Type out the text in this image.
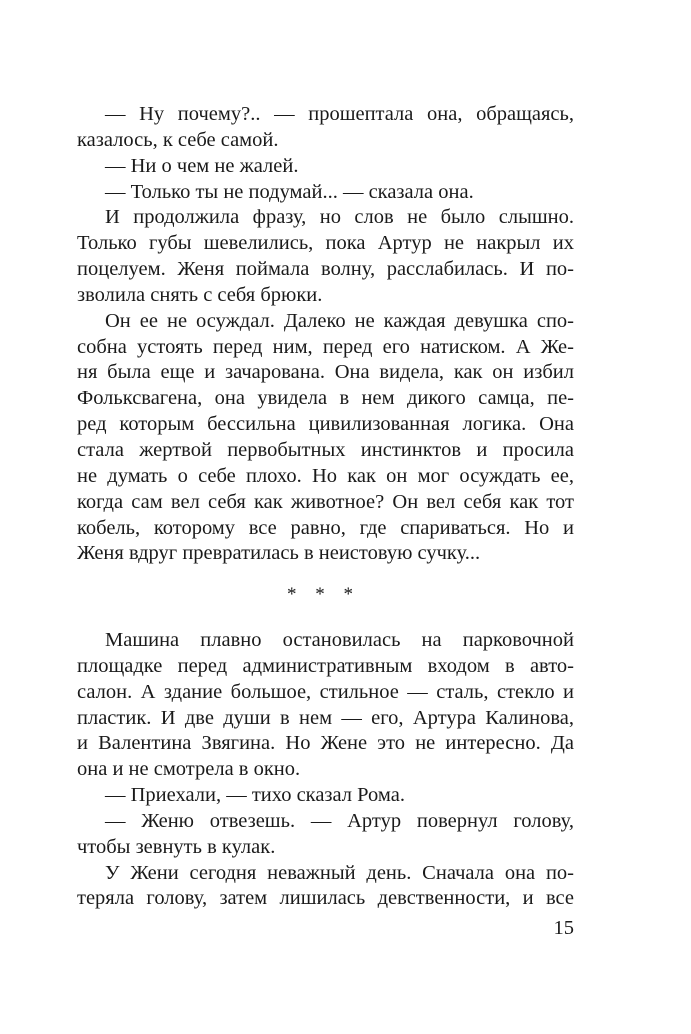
— Ну почему?.. — прошептала она, обращаясь,
казалось, к себе самой.
— Ни о чем не жалей.
— Только ты не подумай... — сказала она.
И продолжила фразу, но слов не было слышно.
Только губы шевелились, пока Артур не накрыл их
поцелуем. Женя поймала волну, расслабилась. И по-
зволила снять с себя брюки.
Он ее не осуждал. Далеко не каждая девушка спо-
собна устоять перед ним, перед его натиском. А Же-
ня была еще и зачарована. Она видела, как он избил
Фольксвагена, она увидела в нем дикого самца, пе-
ред которым бессильна цивилизованная логика. Она
стала жертвой первобытных инстинктов и просила
не думать о себе плохо. Но как он мог осуждать ее,
когда сам вел себя как животное? Он вел себя как тот
кобель, которому все равно, где спариваться. Но и
Женя вдруг превратилась в неистовую сучку...
* * *
Машина плавно остановилась на парковочной
площадке перед административным входом в авто-
салон. А здание большое, стильное — сталь, стекло и
пластик. И две души в нем — его, Артура Калинова,
и Валентина Звягина. Но Жене это не интересно. Да
она и не смотрела в окно.
— Приехали, — тихо сказал Рома.
— Женю отвезешь. — Артур повернул голову,
чтобы зевнуть в кулак.
У Жени сегодня неважный день. Сначала она по-
теряла голову, затем лишилась девственности, и все
15
